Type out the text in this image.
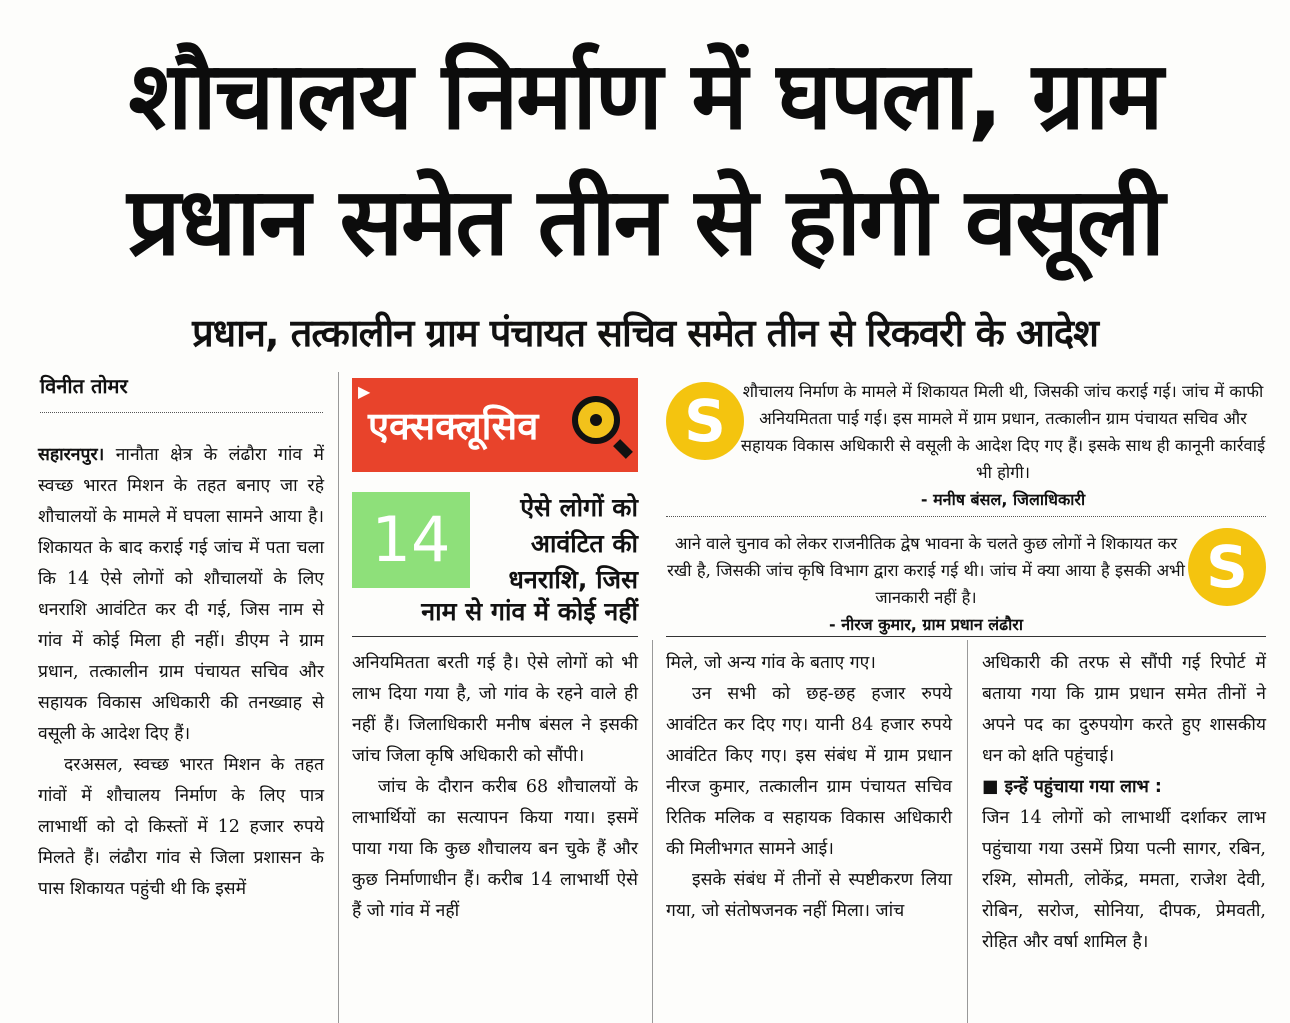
शौचालय निर्माण में घपला, ग्राम
प्रधान समेत तीन से होगी वसूली
प्रधान, तत्कालीन ग्राम पंचायत सचिव समेत तीन से रिकवरी के आदेश
विनीत तोमर

सहारनपुर। नानौता क्षेत्र के लंढौरा गांव में स्वच्छ भारत मिशन के तहत बनाए जा रहे शौचालयों के मामले में घपला सामने आया है। शिकायत के बाद कराई गई जांच में पता चला कि 14 ऐसे लोगों को शौचालयों के लिए धनराशि आवंटित कर दी गई, जिस नाम से गांव में कोई मिला ही नहीं। डीएम ने ग्राम प्रधान, तत्कालीन ग्राम पंचायत सचिव और सहायक विकास अधिकारी की तनख्वाह से वसूली के आदेश दिए हैं।

दरअसल, स्वच्छ भारत मिशन के तहत गांवों में शौचालय निर्माण के लिए पात्र लाभार्थी को दो किस्तों में 12 हजार रुपये मिलते हैं। लंढौरा गांव से जिला प्रशासन के पास शिकायत पहुंची थी कि इसमें

▶
एक्सक्लूसिव
14	ऐसे लोगों को आवंटित की धनराशि, जिस
नाम से गांव में कोई नहीं
S	शौचालय निर्माण के मामले में शिकायत मिली थी, जिसकी जांच कराई गई। जांच में काफी अनियमितता पाई गई। इस मामले में ग्राम प्रधान, तत्कालीन ग्राम पंचायत सचिव और सहायक विकास अधिकारी से वसूली के आदेश दिए गए हैं। इसके साथ ही कानूनी कार्रवाई भी होगी।
- मनीष बंसल, जिलाधिकारी
आने वाले चुनाव को लेकर राजनीतिक द्वेष भावना के चलते कुछ लोगों ने शिकायत कर रखी है, जिसकी जांच कृषि विभाग द्वारा कराई गई थी। जांच में क्या आया है इसकी अभी जानकारी नहीं है।
- नीरज कुमार, ग्राम प्रधान लंढौरा
S

अनियमितता बरती गई है। ऐसे लोगों को भी लाभ दिया गया है, जो गांव के रहने वाले ही नहीं हैं। जिलाधिकारी मनीष बंसल ने इसकी जांच जिला कृषि अधिकारी को सौंपी।

जांच के दौरान करीब 68 शौचालयों के लाभार्थियों का सत्यापन किया गया। इसमें पाया गया कि कुछ शौचालय बन चुके हैं और कुछ निर्माणाधीन हैं। करीब 14 लाभार्थी ऐसे हैं जो गांव में नहीं

मिले, जो अन्य गांव के बताए गए।

उन सभी को छह-छह हजार रुपये आवंटित कर दिए गए। यानी 84 हजार रुपये आवंटित किए गए। इस संबंध में ग्राम प्रधान नीरज कुमार, तत्कालीन ग्राम पंचायत सचिव रितिक मलिक व सहायक विकास अधिकारी की मिलीभगत सामने आई।

इसके संबंध में तीनों से स्पष्टीकरण लिया गया, जो संतोषजनक नहीं मिला। जांच

अधिकारी की तरफ से सौंपी गई रिपोर्ट में बताया गया कि ग्राम प्रधान समेत तीनों ने अपने पद का दुरुपयोग करते हुए शासकीय धन को क्षति पहुंचाई।

■ इन्हें पहुंचाया गया लाभ :

जिन 14 लोगों को लाभार्थी दर्शाकर लाभ पहुंचाया गया उसमें प्रिया पत्नी सागर, रबिन, रश्मि, सोमती, लोकेंद्र, ममता, राजेश देवी, रोबिन, सरोज, सोनिया, दीपक, प्रेमवती, रोहित और वर्षा शामिल है।
